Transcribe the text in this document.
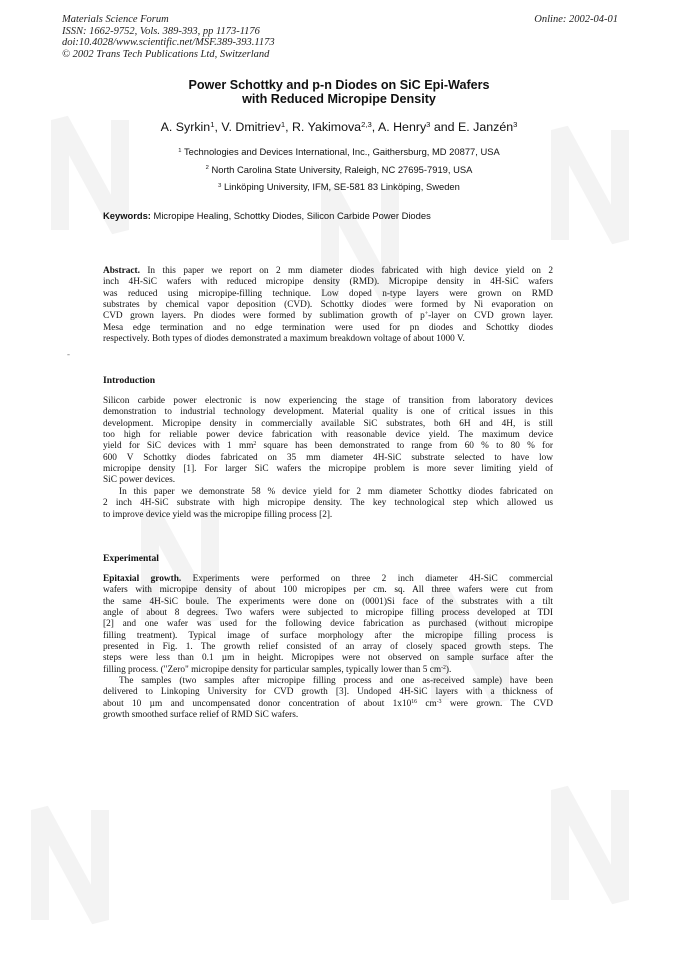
Materials Science Forum
ISSN: 1662-9752, Vols. 389-393, pp 1173-1176
doi:10.4028/www.scientific.net/MSF.389-393.1173
© 2002 Trans Tech Publications Ltd, Switzerland
Online: 2002-04-01
Power Schottky and p-n Diodes on SiC Epi-Wafers
with Reduced Micropipe Density
A. Syrkin$^1$, V. Dmitriev$^1$, R. Yakimova$^{2,3}$, A. Henry$^3$ and E. Janzén$^3$
$^1$ Technologies and Devices International, Inc., Gaithersburg, MD 20877, USA
$^2$ North Carolina State University, Raleigh, NC 27695-7919, USA
$^3$ Linköping University, IFM, SE-581 83 Linköping, Sweden
Keywords: Micropipe Healing, Schottky Diodes, Silicon Carbide Power Diodes
Abstract. In this paper we report on 2 mm diameter diodes fabricated with high device yield on 2
inch 4H-SiC wafers with reduced micropipe density (RMD). Micropipe density in 4H-SiC wafers
was reduced using micropipe-filling technique. Low doped n-type layers were grown on RMD
substrates by chemical vapor deposition (CVD). Schottky diodes were formed by Ni evaporation on
CVD grown layers. Pn diodes were formed by sublimation growth of p+-layer on CVD grown layer.
Mesa edge termination and no edge termination were used for pn diodes and Schottky diodes
respectively. Both types of diodes demonstrated a maximum breakdown voltage of about 1000 V.
-
Introduction
Silicon carbide power electronic is now experiencing the stage of transition from laboratory devices
demonstration to industrial technology development. Material quality is one of critical issues in this
development. Micropipe density in commercially available SiC substrates, both 6H and 4H, is still
too high for reliable power device fabrication with reasonable device yield. The maximum device
yield for SiC devices with 1 $mm^2$ square has been demonstrated to range from 60 % to 80 % for
600 V Schottky diodes fabricated on 35 mm diameter 4H-SiC substrate selected to have low
micropipe density [1]. For larger SiC wafers the micropipe problem is more sever limiting yield of
SiC power devices.
In this paper we demonstrate 58 % device yield for 2 mm diameter Schottky diodes fabricated on
2 inch 4H-SiC substrate with high micropipe density. The key technological step which allowed us
to improve device yield was the micropipe filling process [2].
Experimental
Epitaxial growth. Experiments were performed on three 2 inch diameter 4H-SiC commercial
wafers with micropipe density of about 100 micropipes per cm. sq. All three wafers were cut from
the same 4H-SiC boule. The experiments were done on (0001)Si face of the substrates with a tilt
angle of about 8 degrees. Two wafers were subjected to micropipe filling process developed at TDI
[2] and one wafer was used for the following device fabrication as purchased (without micropipe
filling treatment). Typical image of surface morphology after the micropipe filling process is
presented in Fig. 1. The growth relief consisted of an array of closely spaced growth steps. The
steps were less than 0.1 µm in height. Micropipes were not observed on sample surface after the
filling process. ("Zero" micropipe density for particular samples, typically lower than 5 $cm^{-2}$).
The samples (two samples after micropipe filling process and one as-received sample) have been
delivered to Linkoping University for CVD growth [3]. Undoped 4H-SiC layers with a thickness of
about 10 µm and uncompensated donor concentration of about $1x10^{16}$ $cm^{-3}$ were grown. The CVD
growth smoothed surface relief of RMD SiC wafers.
